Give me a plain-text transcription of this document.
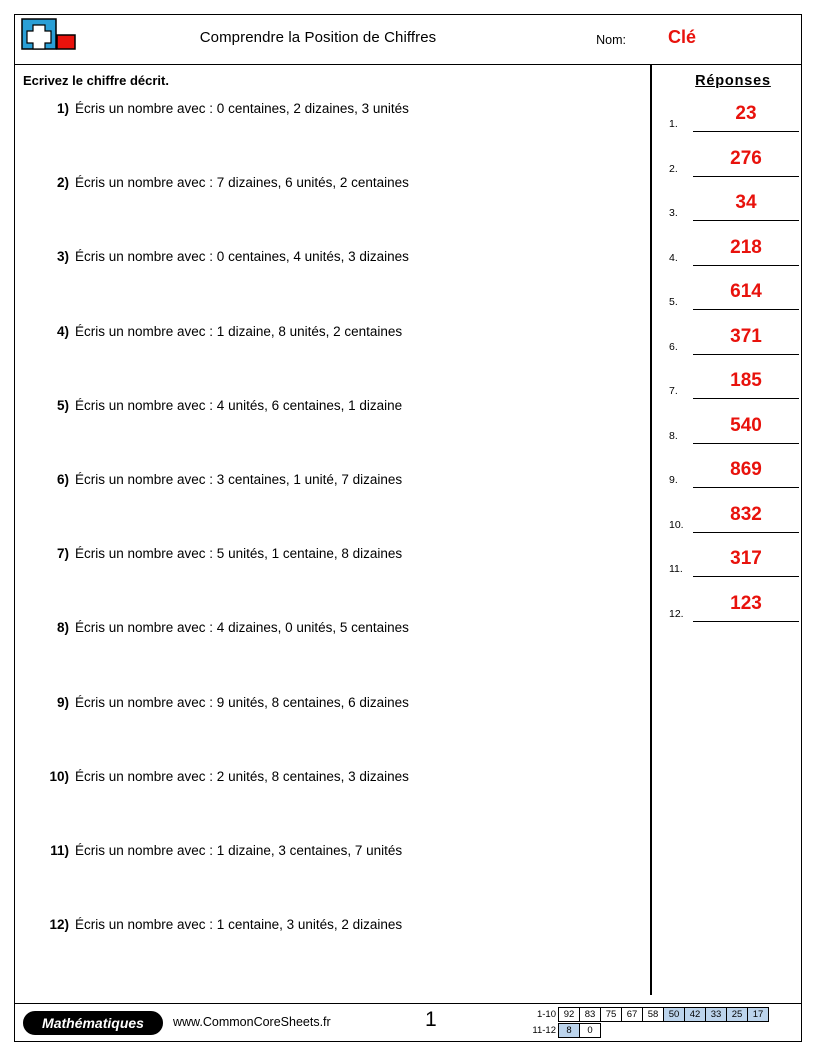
Comprendre la Position de Chiffres	Nom: Clé
Ecrivez le chiffre décrit.
1) Écris un nombre avec : 0 centaines, 2 dizaines, 3 unités
2) Écris un nombre avec : 7 dizaines, 6 unités, 2 centaines
3) Écris un nombre avec : 0 centaines, 4 unités, 3 dizaines
4) Écris un nombre avec : 1 dizaine, 8 unités, 2 centaines
5) Écris un nombre avec : 4 unités, 6 centaines, 1 dizaine
6) Écris un nombre avec : 3 centaines, 1 unité, 7 dizaines
7) Écris un nombre avec : 5 unités, 1 centaine, 8 dizaines
8) Écris un nombre avec : 4 dizaines, 0 unités, 5 centaines
9) Écris un nombre avec : 9 unités, 8 centaines, 6 dizaines
10) Écris un nombre avec : 2 unités, 8 centaines, 3 dizaines
11) Écris un nombre avec : 1 dizaine, 3 centaines, 7 unités
12) Écris un nombre avec : 1 centaine, 3 unités, 2 dizaines
Réponses
1.	23
2.	276
3.	34
4.	218
5.	614
6.	371
7.	185
8.	540
9.	869
10.	832
11.	317
12.	123
Mathématiques	www.CommonCoreSheets.fr	1	1-10 92	83	75	67	58	50	42	33	25	17
11-12	8	0
